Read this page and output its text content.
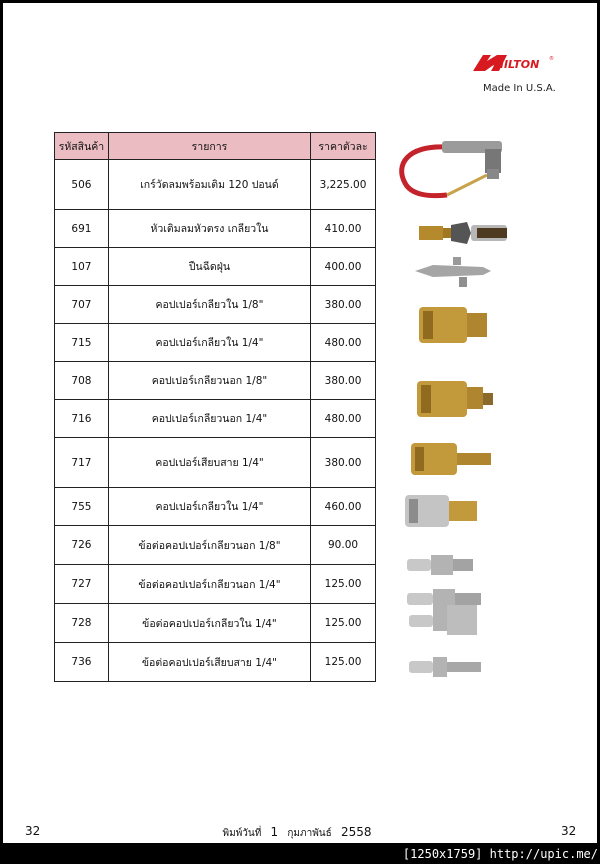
MILTON ®
Made In U.S.A.
รหัสสินค้า	รายการ	ราคาตัวละ
506	เกร์วัดลมพร้อมเติม 120 ปอนด์	3,225.00
691	หัวเติมลมหัวตรง เกลียวใน	410.00
107	ปืนฉีดฝุ่น	400.00
707	คอปเปอร์เกลียวใน 1/8"	380.00
715	คอปเปอร์เกลียวใน 1/4"	480.00
708	คอปเปอร์เกลียวนอก 1/8"	380.00
716	คอปเปอร์เกลียวนอก 1/4"	480.00
717	คอปเปอร์เสียบสาย 1/4"	380.00
755	คอปเปอร์เกลียวใน 1/4"	460.00
726	ข้อต่อคอปเปอร์เกลียวนอก 1/8"	90.00
727	ข้อต่อคอปเปอร์เกลียวนอก 1/4"	125.00
728	ข้อต่อคอปเปอร์เกลียวใน 1/4"	125.00
736	ข้อต่อคอปเปอร์เสียบสาย 1/4"	125.00
32	พิมพ์วันที่ 1 กุมภาพันธ์ 2558	32
[1250x1759] http://upic.me/
